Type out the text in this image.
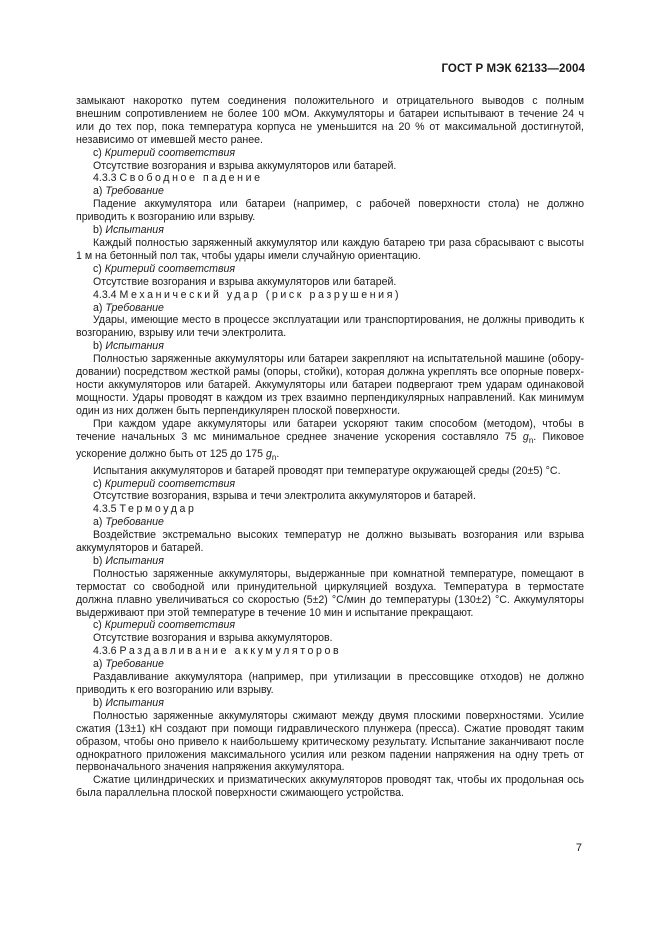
ГОСТ Р МЭК 62133—2004

замыкают накоротко путем соединения положительного и отрицательного выводов с полным внешним сопротивлением не более 100 мОм. Аккумуляторы и батареи испытывают в течение 24 ч или до тех пор, пока температура корпуса не уменьшится на 20 % от максимальной достигнутой, независимо от имевшей место ранее.

c) Критерий соответствия

Отсутствие возгорания и взрыва аккумуляторов или батарей.

4.3.3 Свободное падение

a) Требование

Падение аккумулятора или батареи (например, с рабочей поверхности стола) не должно приводить к возгоранию или взрыву.

b) Испытания

Каждый полностью заряженный аккумулятор или каждую батарею три раза сбрасывают с высоты 1 м на бетонный пол так, чтобы удары имели случайную ориентацию.

c) Критерий соответствия

Отсутствие возгорания и взрыва аккумуляторов или батарей.

4.3.4 Механический удар (риск разрушения)

a) Требование

Удары, имеющие место в процессе эксплуатации или транспортирования, не должны приводить к возгоранию, взрыву или течи электролита.

b) Испытания

Полностью заряженные аккумуляторы или батареи закрепляют на испытательной машине (оборудовании) посредством жесткой рамы (опоры, стойки), которая должна укреплять все опорные поверхности аккумуляторов или батарей. Аккумуляторы или батареи подвергают трем ударам одинаковой мощности. Удары проводят в каждом из трех взаимно перпендикулярных направлений. Как минимум один из них должен быть перпендикулярен плоской поверхности.

При каждом ударе аккумуляторы или батареи ускоряют таким способом (методом), чтобы в течение начальных 3 мс минимальное среднее значение ускорения составляло 75 $g_n$. Пиковое ускорение должно быть от 125 до 175 $g_n$.

Испытания аккумуляторов и батарей проводят при температуре окружающей среды (20±5) °С.

c) Критерий соответствия

Отсутствие возгорания, взрыва и течи электролита аккумуляторов и батарей.

4.3.5 Термоудар

a) Требование

Воздействие экстремально высоких температур не должно вызывать возгорания или взрыва аккумуляторов и батарей.

b) Испытания

Полностью заряженные аккумуляторы, выдержанные при комнатной температуре, помещают в термостат со свободной или принудительной циркуляцией воздуха. Температура в термостате должна плавно увеличиваться со скоростью (5±2) °С/мин до температуры (130±2) °С. Аккумуляторы выдерживают при этой температуре в течение 10 мин и испытание прекращают.

c) Критерий соответствия

Отсутствие возгорания и взрыва аккумуляторов.

4.3.6 Раздавливание аккумуляторов

a) Требование

Раздавливание аккумулятора (например, при утилизации в прессовщике отходов) не должно приводить к его возгоранию или взрыву.

b) Испытания

Полностью заряженные аккумуляторы сжимают между двумя плоскими поверхностями. Усилие сжатия (13±1) кН создают при помощи гидравлического плунжера (пресса). Сжатие проводят таким образом, чтобы оно привело к наибольшему критическому результату. Испытание заканчивают после однократного приложения максимального усилия или резком падении напряжения на одну треть от первоначального значения напряжения аккумулятора.

Сжатие цилиндрических и призматических аккумуляторов проводят так, чтобы их продольная ось была параллельна плоской поверхности сжимающего устройства.

7
